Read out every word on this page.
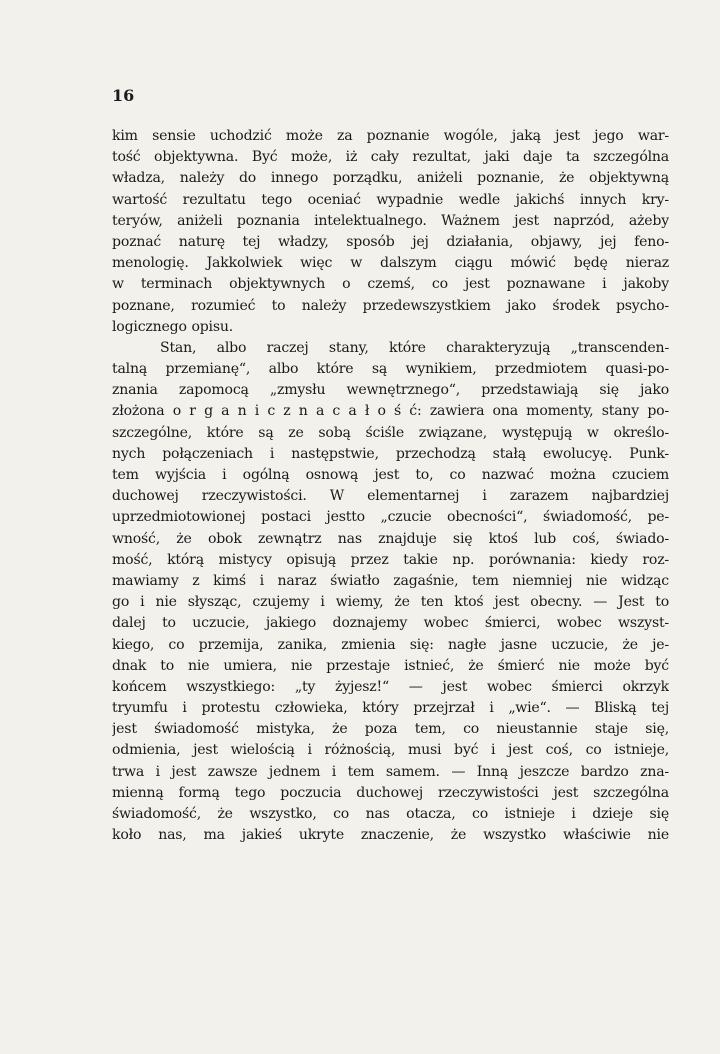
16
kim sensie uchodzić może za poznanie wogóle, jaką jest jego war-
tość objektywna. Być może, iż cały rezultat, jaki daje ta szczególna
władza, należy do innego porządku, aniżeli poznanie, że objektywną
wartość rezultatu tego oceniać wypadnie wedle jakichś innych kry-
teryów, aniżeli poznania intelektualnego. Ważnem jest naprzód, ażeby
poznać naturę tej władzy, sposób jej działania, objawy, jej feno-
menologię. Jakkolwiek więc w dalszym ciągu mówić będę nieraz
w terminach objektywnych o czemś, co jest poznawane i jakoby
poznane, rozumieć to należy przedewszystkiem jako środek psycho-
logicznego opisu.
Stan, albo raczej stany, które charakteryzują „transcenden-
talną przemianę“, albo które są wynikiem, przedmiotem quasi-po-
znania zapomocą „zmysłu wewnętrznego“, przedstawiają się jako
złożona o r g a n i c z n a c a ł o ś ć: zawiera ona momenty, stany po-
szczególne, które są ze sobą ściśle związane, występują w określo-
nych połączeniach i następstwie, przechodzą stałą ewolucyę. Punk-
tem wyjścia i ogólną osnową jest to, co nazwać można czuciem
duchowej rzeczywistości. W elementarnej i zarazem najbardziej
uprzedmiotowionej postaci jestto „czucie obecności“, świadomość, pe-
wność, że obok zewnątrz nas znajduje się ktoś lub coś, świado-
mość, którą mistycy opisują przez takie np. porównania: kiedy roz-
mawiamy z kimś i naraz światło zagaśnie, tem niemniej nie widząc
go i nie słysząc, czujemy i wiemy, że ten ktoś jest obecny. — Jest to
dalej to uczucie, jakiego doznajemy wobec śmierci, wobec wszyst-
kiego, co przemija, zanika, zmienia się: nagłe jasne uczucie, że je-
dnak to nie umiera, nie przestaje istnieć, że śmierć nie może być
końcem wszystkiego: „ty żyjesz!“ — jest wobec śmierci okrzyk
tryumfu i protestu człowieka, który przejrzał i „wie“. — Bliską tej
jest świadomość mistyka, że poza tem, co nieustannie staje się,
odmienia, jest wielością i różnością, musi być i jest coś, co istnieje,
trwa i jest zawsze jednem i tem samem. — Inną jeszcze bardzo zna-
mienną formą tego poczucia duchowej rzeczywistości jest szczególna
świadomość, że wszystko, co nas otacza, co istnieje i dzieje się
koło nas, ma jakieś ukryte znaczenie, że wszystko właściwie nie
